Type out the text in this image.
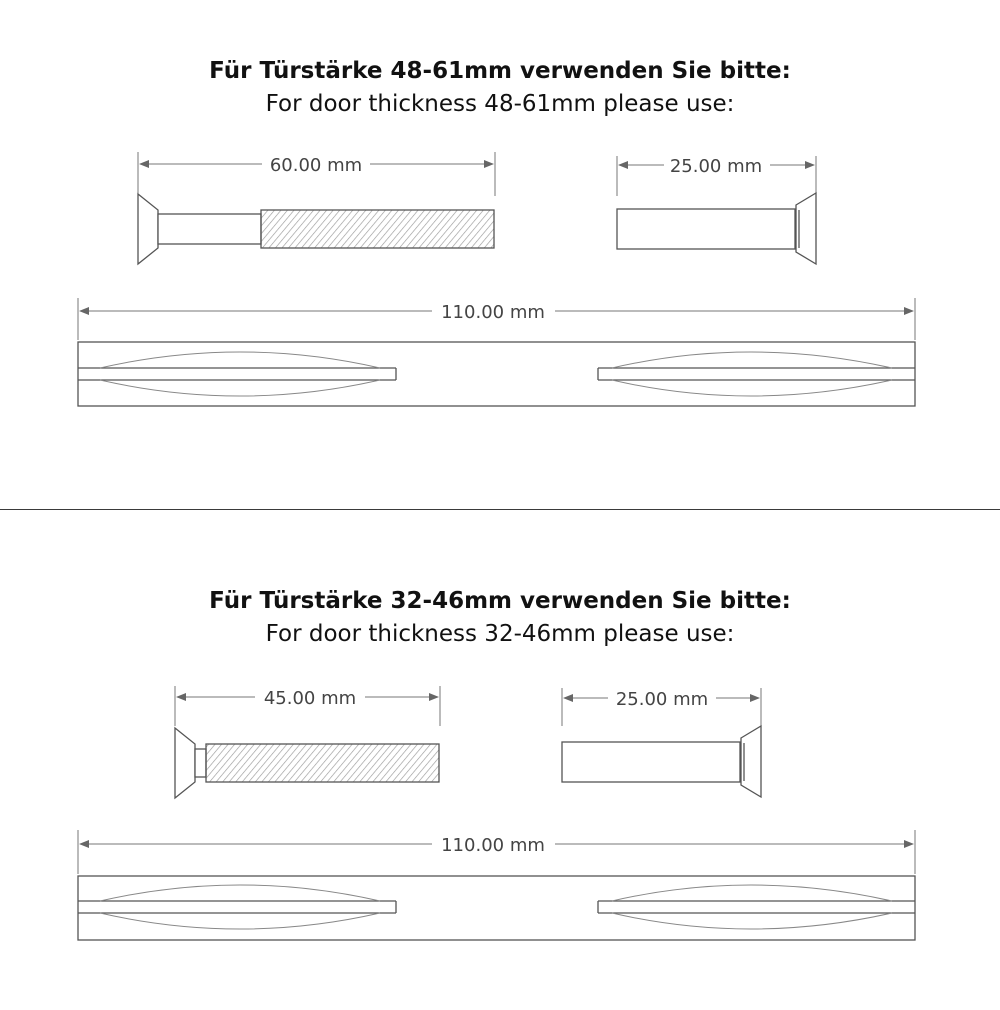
Für Türstärke 48-61mm verwenden Sie bitte:
For door thickness 48-61mm please use:
60.00 mm	25.00 mm
110.00 mm
Für Türstärke 32-46mm verwenden Sie bitte:
For door thickness 32-46mm please use:
45.00 mm	25.00 mm
110.00 mm
